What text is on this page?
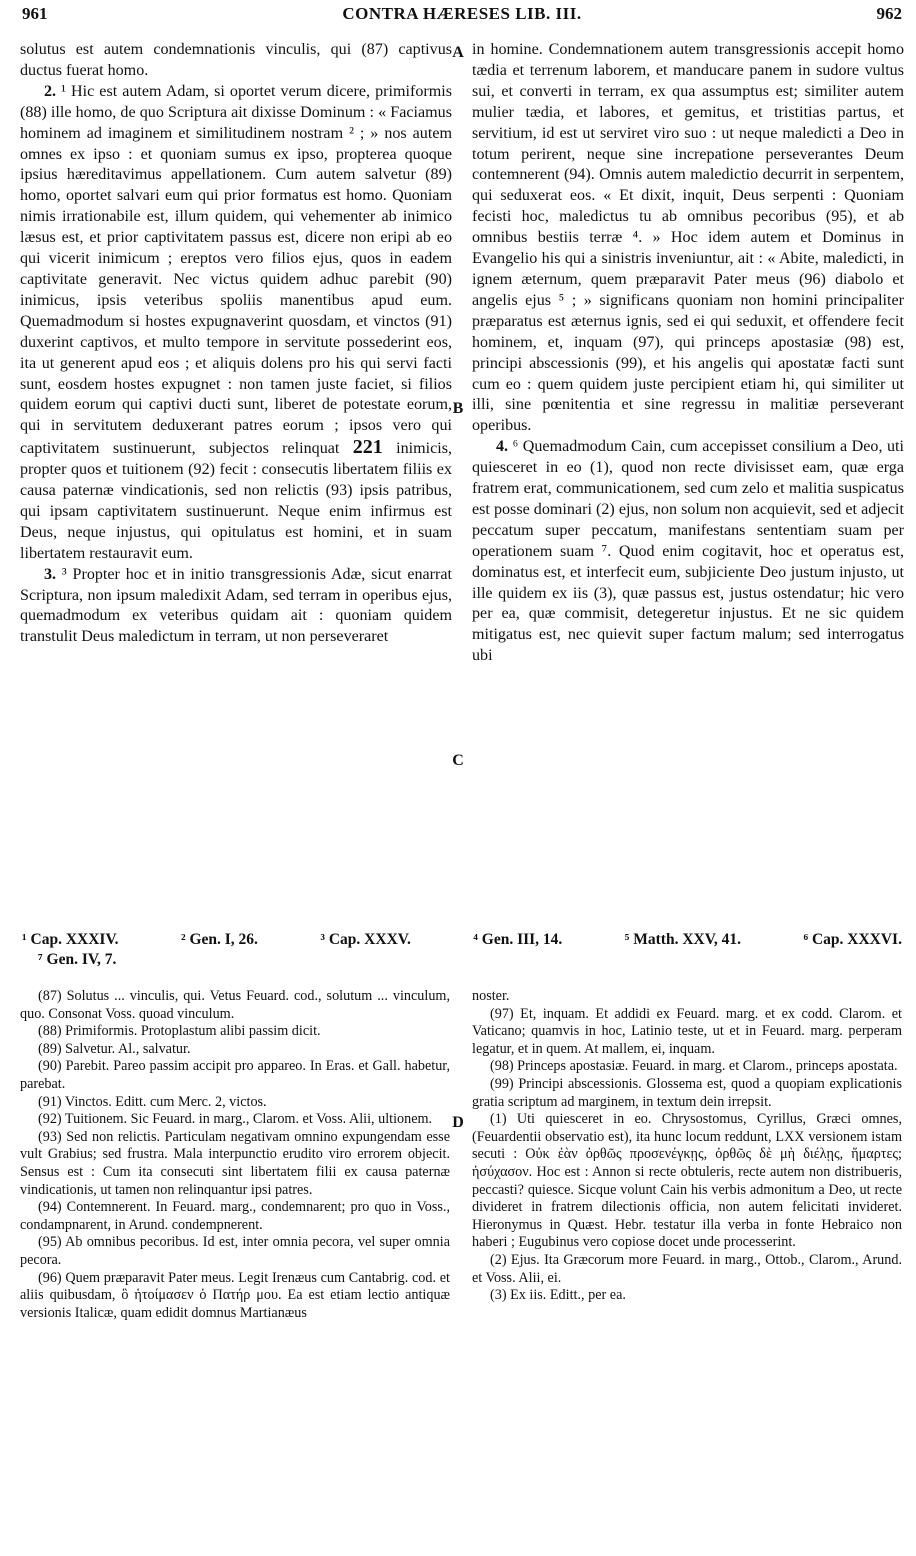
961	CONTRA HÆRESES LIB. III.	962

solutus est autem condemnationis vinculis, qui (87) captivus ductus fuerat homo.

2. ¹ Hic est autem Adam, si oportet verum dicere, primiformis (88) ille homo, de quo Scriptura ait dixisse Dominum : « Faciamus hominem ad imaginem et similitudinem nostram ² ; » nos autem omnes ex ipso : et quoniam sumus ex ipso, propterea quoque ipsius hæreditavimus appellationem. Cum autem salvetur (89) homo, oportet salvari eum qui prior formatus est homo. Quoniam nimis irrationabile est, illum quidem, qui vehementer ab inimico læsus est, et prior captivitatem passus est, dicere non eripi ab eo qui vicerit inimicum ; ereptos vero filios ejus, quos in eadem captivitate generavit. Nec victus quidem adhuc parebit (90) inimicus, ipsis veteribus spoliis manentibus apud eum. Quemadmodum si hostes expugnaverint quosdam, et vinctos (91) duxerint captivos, et multo tempore in servitute possederint eos, ita ut generent apud eos ; et aliquis dolens pro his qui servi facti sunt, eosdem hostes expugnet : non tamen juste faciet, si filios quidem eorum qui captivi ducti sunt, liberet de potestate eorum, qui in servitutem deduxerant patres eorum ; ipsos vero qui captivitatem sustinuerunt, subjectos relinquat 221 inimicis, propter quos et tuitionem (92) fecit : consecutis libertatem filiis ex causa paternæ vindicationis, sed non relictis (93) ipsis patribus, qui ipsam captivitatem sustinuerunt. Neque enim infirmus est Deus, neque injustus, qui opitulatus est homini, et in suam libertatem restauravit eum.

3. ³ Propter hoc et in initio transgressionis Adæ, sicut enarrat Scriptura, non ipsum maledixit Adam, sed terram in operibus ejus, quemadmodum ex veteribus quidam ait : quoniam quidem transtulit Deus maledictum in terram, ut non perseveraret

in homine. Condemnationem autem transgressionis accepit homo tædia et terrenum laborem, et manducare panem in sudore vultus sui, et converti in terram, ex qua assumptus est; similiter autem mulier tædia, et labores, et gemitus, et tristitias partus, et servitium, id est ut serviret viro suo : ut neque maledicti a Deo in totum perirent, neque sine increpatione perseverantes Deum contemnerent (94). Omnis autem maledictio decurrit in serpentem, qui seduxerat eos. « Et dixit, inquit, Deus serpenti : Quoniam fecisti hoc, maledictus tu ab omnibus pecoribus (95), et ab omnibus bestiis terræ ⁴. » Hoc idem autem et Dominus in Evangelio his qui a sinistris inveniuntur, ait : « Abite, maledicti, in ignem æternum, quem præparavit Pater meus (96) diabolo et angelis ejus ⁵ ; » significans quoniam non homini principaliter præparatus est æternus ignis, sed ei qui seduxit, et offendere fecit hominem, et, inquam (97), qui princeps apostasiæ (98) est, principi abscessionis (99), et his angelis qui apostatæ facti sunt cum eo : quem quidem juste percipient etiam hi, qui similiter ut illi, sine pœnitentia et sine regressu in malitiæ perseverant operibus.

4. ⁶ Quemadmodum Cain, cum accepisset consilium a Deo, uti quiesceret in eo (1), quod non recte divisisset eam, quæ erga fratrem erat, communicationem, sed cum zelo et malitia suspicatus est posse dominari (2) ejus, non solum non acquievit, sed et adjecit peccatum super peccatum, manifestans sententiam suam per operationem suam ⁷. Quod enim cogitavit, hoc et operatus est, dominatus est, et interfecit eum, subjiciente Deo justum injusto, ut ille quidem ex iis (3), quæ passus est, justus ostendatur; hic vero per ea, quæ commisit, detegeretur injustus. Et ne sic quidem mitigatus est, nec quievit super factum malum; sed interrogatus ubi

A
B
C
D
¹ Cap. XXXIV.	² Gen. I, 26.	³ Cap. XXXV.	⁴ Gen. III, 14.	⁵ Matth. XXV, 41.	⁶ Cap. XXXVI.
⁷ Gen. IV, 7.

(87) Solutus ... vinculis, qui. Vetus Feuard. cod., solutum ... vinculum, quo. Consonat Voss. quoad vinculum.

(88) Primiformis. Protoplastum alibi passim dicit.

(89) Salvetur. Al., salvatur.

(90) Parebit. Pareo passim accipit pro appareo. In Eras. et Gall. habetur, parebat.

(91) Vinctos. Editt. cum Merc. 2, victos.

(92) Tuitionem. Sic Feuard. in marg., Clarom. et Voss. Alii, ultionem.

(93) Sed non relictis. Particulam negativam omnino expungendam esse vult Grabius; sed frustra. Mala interpunctio erudito viro errorem objecit. Sensus est : Cum ita consecuti sint libertatem filii ex causa paternæ vindicationis, ut tamen non relinquantur ipsi patres.

(94) Contemnerent. In Feuard. marg., condemnarent; pro quo in Voss., condampnarent, in Arund. condempnerent.

(95) Ab omnibus pecoribus. Id est, inter omnia pecora, vel super omnia pecora.

(96) Quem præparavit Pater meus. Legit Irenæus cum Cantabrig. cod. et aliis quibusdam, ὃ ἡτοίμασεν ὁ Πατήρ μου. Ea est etiam lectio antiquæ versionis Italicæ, quam edidit domnus Martianæus

noster.

(97) Et, inquam. Et addidi ex Feuard. marg. et ex codd. Clarom. et Vaticano; quamvis in hoc, Latinio teste, ut et in Feuard. marg. perperam legatur, et in quem. At mallem, ei, inquam.

(98) Princeps apostasiæ. Feuard. in marg. et Clarom., princeps apostata.

(99) Principi abscessionis. Glossema est, quod a quopiam explicationis gratia scriptum ad marginem, in textum dein irrepsit.

(1) Uti quiesceret in eo. Chrysostomus, Cyrillus, Græci omnes, (Feuardentii observatio est), ita hunc locum reddunt, LXX versionem istam secuti : Οὐκ ἐὰν ὀρθῶς προσενέγκῃς, ὀρθῶς δὲ μὴ διέλῃς, ἥμαρτες; ἡσύχασον. Hoc est : Annon si recte obtuleris, recte autem non distribueris, peccasti? quiesce. Sicque volunt Cain his verbis admonitum a Deo, ut recte divideret in fratrem dilectionis officia, non autem felicitati invideret. Hieronymus in Quæst. Hebr. testatur illa verba in fonte Hebraico non haberi ; Eugubinus vero copiose docet unde processerint.

(2) Ejus. Ita Græcorum more Feuard. in marg., Ottob., Clarom., Arund. et Voss. Alii, ei.

(3) Ex iis. Editt., per ea.
